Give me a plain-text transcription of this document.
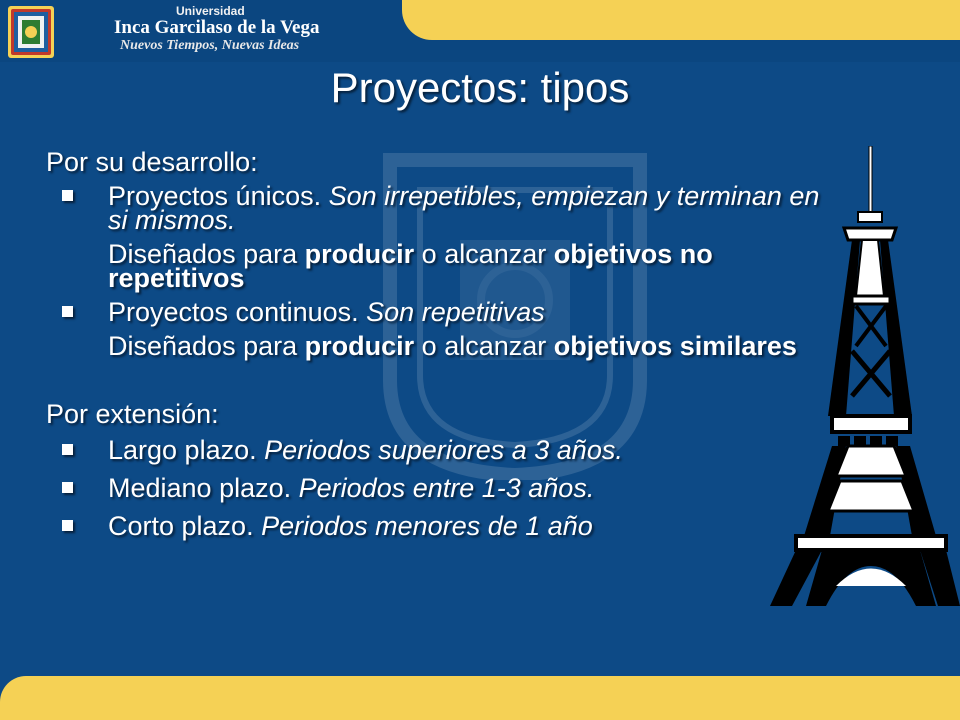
Universidad
Inca Garcilaso de la Vega
Nuevos Tiempos, Nuevas Ideas
Proyectos: tipos
Por su desarrollo:
Proyectos únicos. Son irrepetibles, empiezan y terminan en si mismos.
Diseñados para producir o alcanzar objetivos no repetitivos
Proyectos continuos. Son repetitivas
Diseñados para producir o alcanzar objetivos similares
Por extensión:
Largo plazo. Periodos superiores a 3 años.
Mediano plazo. Periodos entre 1-3 años.
Corto plazo. Periodos menores de 1 año
